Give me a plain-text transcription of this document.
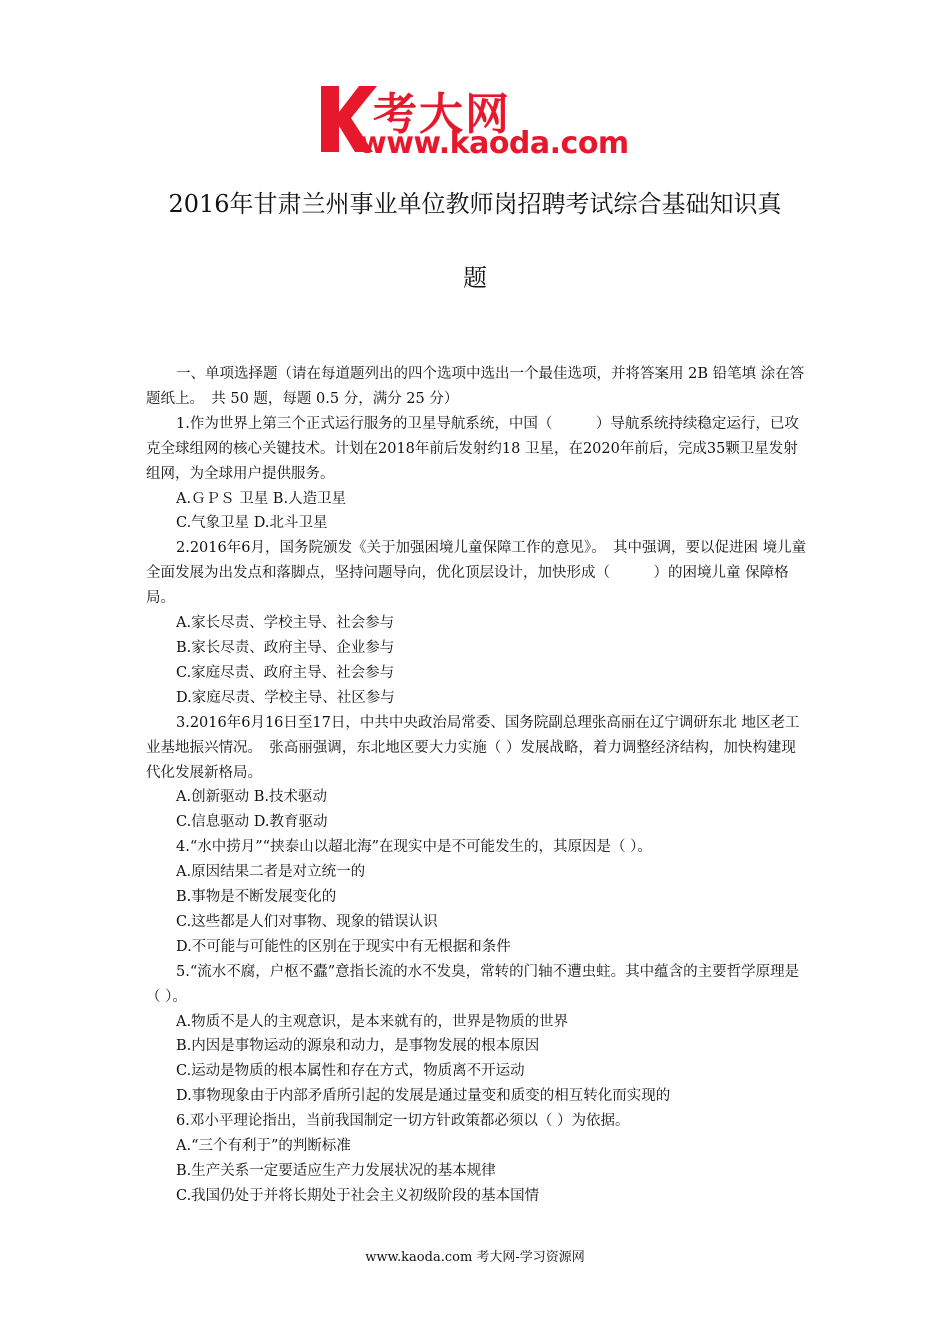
考大网
www.kaoda.com
2016年甘肃兰州事业单位教师岗招聘考试综合基础知识真
题

一、单项选择题（请在每道题列出的四个选项中选出一个最佳选项，并将答案用 2B 铅笔填 涂在答题纸上。　共 50 题，每题 0.5 分，满分 25 分）

1.作为世界上第三个正式运行服务的卫星导航系统，中国（　　　）导航系统持续稳定运行，已攻克全球组网的核心关键技术。计划在2018年前后发射约18 卫星，在2020年前后，完成35颗卫星发射组网，为全球用户提供服务。

A.ＧＰＳ 卫星 B.人造卫星

C.气象卫星 D.北斗卫星

2.2016年6月，国务院颁发《关于加强困境儿童保障工作的意见》。　其中强调，要以促进困 境儿童全面发展为出发点和落脚点，坚持问题导向，优化顶层设计，加快形成（　　　）的困境儿童 保障格局。

A.家长尽责、学校主导、社会参与

B.家长尽责、政府主导、企业参与

C.家庭尽责、政府主导、社会参与

D.家庭尽责、学校主导、社区参与

3.2016年6月16日至17日，中共中央政治局常委、国务院副总理张高丽在辽宁调研东北 地区老工业基地振兴情况。　张高丽强调，东北地区要大力实施（ ）发展战略，着力调整经济结构，加快构建现代化发展新格局。

A.创新驱动 B.技术驱动

C.信息驱动 D.教育驱动

4.“水中捞月”“挟泰山以超北海”在现实中是不可能发生的，其原因是（ ）。

A.原因结果二者是对立统一的

B.事物是不断发展变化的

C.这些都是人们对事物、现象的错误认识

D.不可能与可能性的区别在于现实中有无根据和条件

5.“流水不腐，户枢不蠹”意指长流的水不发臭，常转的门轴不遭虫蛀。其中蕴含的主要哲学原理是（ ）。

A.物质不是人的主观意识，是本来就有的，世界是物质的世界

B.内因是事物运动的源泉和动力，是事物发展的根本原因

C.运动是物质的根本属性和存在方式，物质离不开运动

D.事物现象由于内部矛盾所引起的发展是通过量变和质变的相互转化而实现的

6.邓小平理论指出，当前我国制定一切方针政策都必须以（ ）为依据。

A.“三个有利于”的判断标准

B.生产关系一定要适应生产力发展状况的基本规律

C.我国仍处于并将长期处于社会主义初级阶段的基本国情

www.kaoda.com 考大网-学习资源网
